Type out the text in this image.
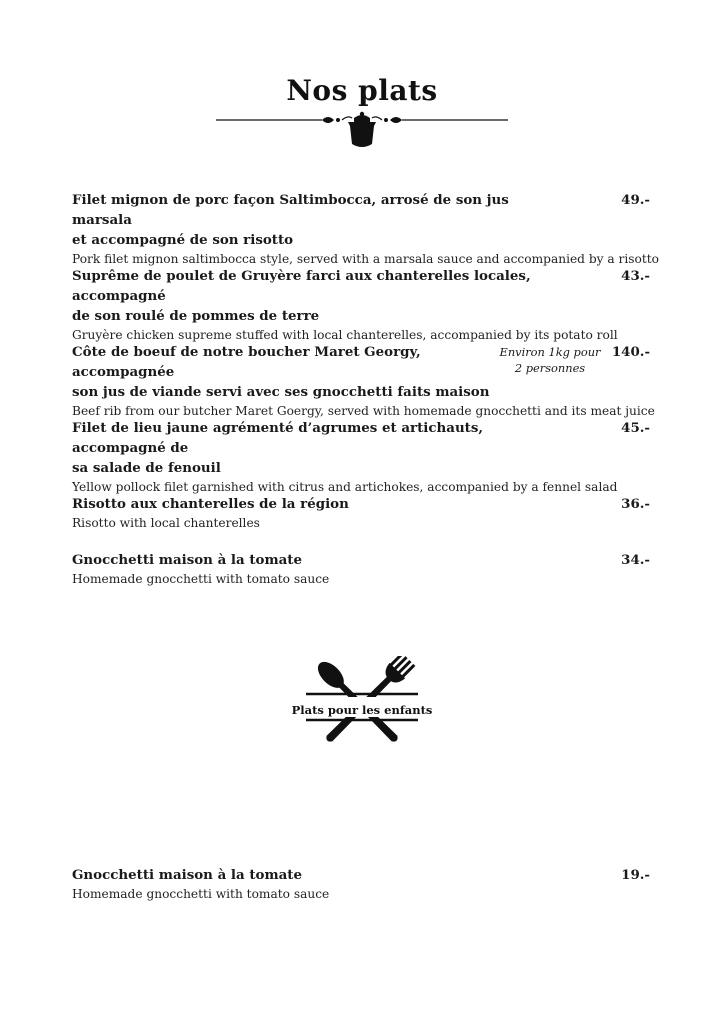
Nos plats
Filet mignon de porc façon Saltimbocca, arrosé de son jus marsala
et accompagné de son risotto
Pork filet mignon saltimbocca style, served with a marsala sauce and accompanied by a risotto
49.-
Suprême de poulet de Gruyère farci aux chanterelles locales, accompagné
de son roulé de pommes de terre
Gruyère chicken supreme stuffed with local chanterelles, accompanied by its potato roll
43.-
Côte de boeuf de notre boucher Maret Georgy, accompagnée
son jus de viande servi avec ses gnocchetti faits maison
Environ 1kg pour
2 personnes
Beef rib from our butcher Maret Goergy, served with homemade gnocchetti and its meat juice
140.-
Filet de lieu jaune agrémenté d’agrumes et artichauts, accompagné de
sa salade de fenouil
Yellow pollock filet garnished with citrus and artichokes, accompanied by a fennel salad
45.-
Risotto aux chanterelles de la région
Risotto with local chanterelles
36.-
Gnocchetti maison à la tomate
Homemade gnocchetti with tomato sauce
34.-
Plats pour les enfants
Gnocchetti maison à la tomate
Homemade gnocchetti with tomato sauce
19.-
